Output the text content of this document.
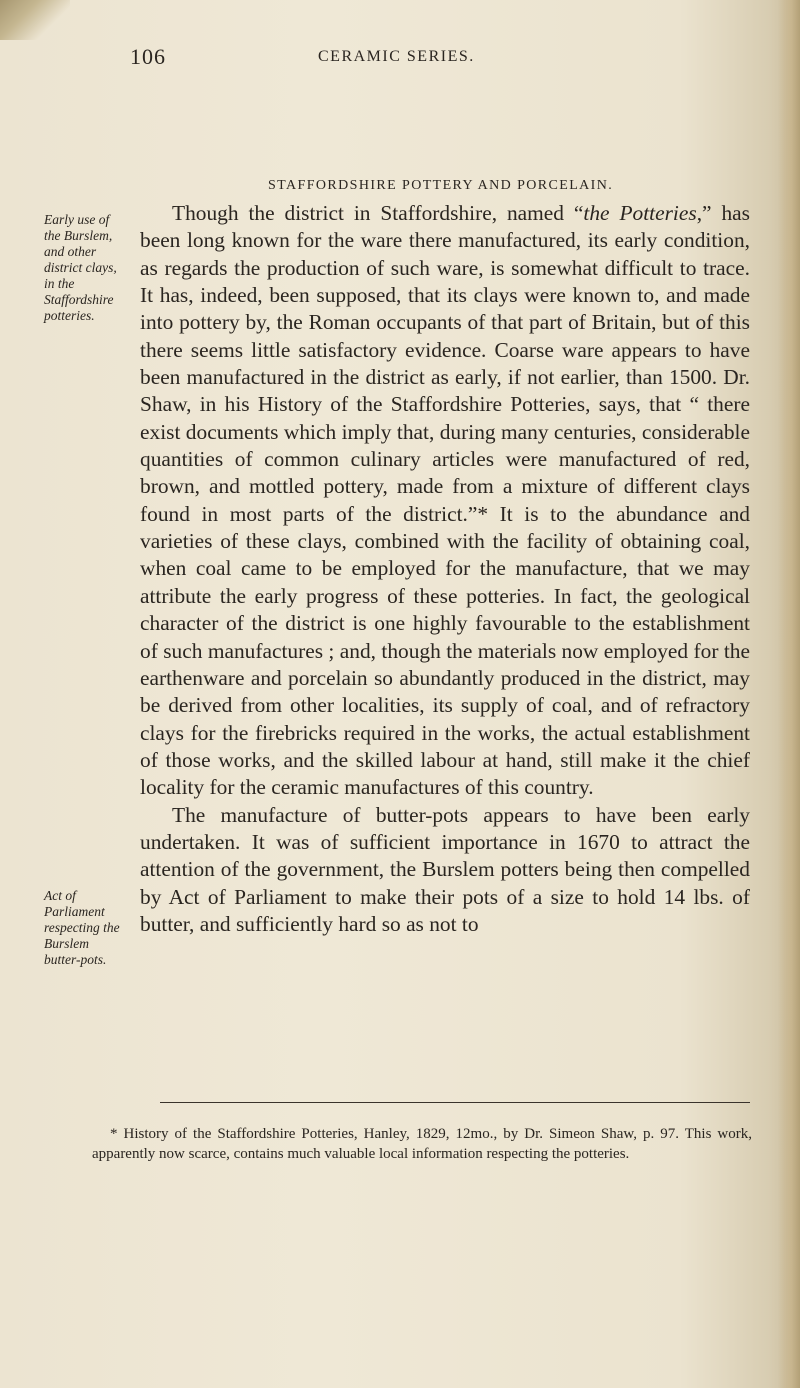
106	CERAMIC SERIES.
STAFFORDSHIRE POTTERY AND PORCELAIN.
Early use of the Burslem, and other district clays, in the Staffordshire potteries.
Act of Parliament respecting the Burslem butter-pots.

Though the district in Staffordshire, named “the Potteries,” has been long known for the ware there manufactured, its early condition, as regards the production of such ware, is somewhat difficult to trace. It has, indeed, been supposed, that its clays were known to, and made into pottery by, the Roman occupants of that part of Britain, but of this there seems little satisfactory evidence. Coarse ware appears to have been manufactured in the district as early, if not earlier, than 1500. Dr. Shaw, in his History of the Staffordshire Potteries, says, that “ there exist documents which imply that, during many centuries, considerable quantities of common culinary articles were manufactured of red, brown, and mottled pottery, made from a mixture of different clays found in most parts of the district.”* It is to the abundance and varieties of these clays, combined with the facility of obtaining coal, when coal came to be employed for the manufacture, that we may attribute the early progress of these potteries. In fact, the geological character of the district is one highly favourable to the establishment of such manufactures ; and, though the materials now employed for the earthenware and porcelain so abundantly produced in the district, may be derived from other localities, its supply of coal, and of refractory clays for the firebricks required in the works, the actual establishment of those works, and the skilled labour at hand, still make it the chief locality for the ceramic manufactures of this country.

The manufacture of butter-pots appears to have been early undertaken. It was of sufficient importance in 1670 to attract the attention of the government, the Burslem potters being then compelled by Act of Parliament to make their pots of a size to hold 14 lbs. of butter, and sufficiently hard so as not to

* History of the Staffordshire Potteries, Hanley, 1829, 12mo., by Dr. Simeon Shaw, p. 97. This work, apparently now scarce, contains much valuable local information respecting the potteries.
